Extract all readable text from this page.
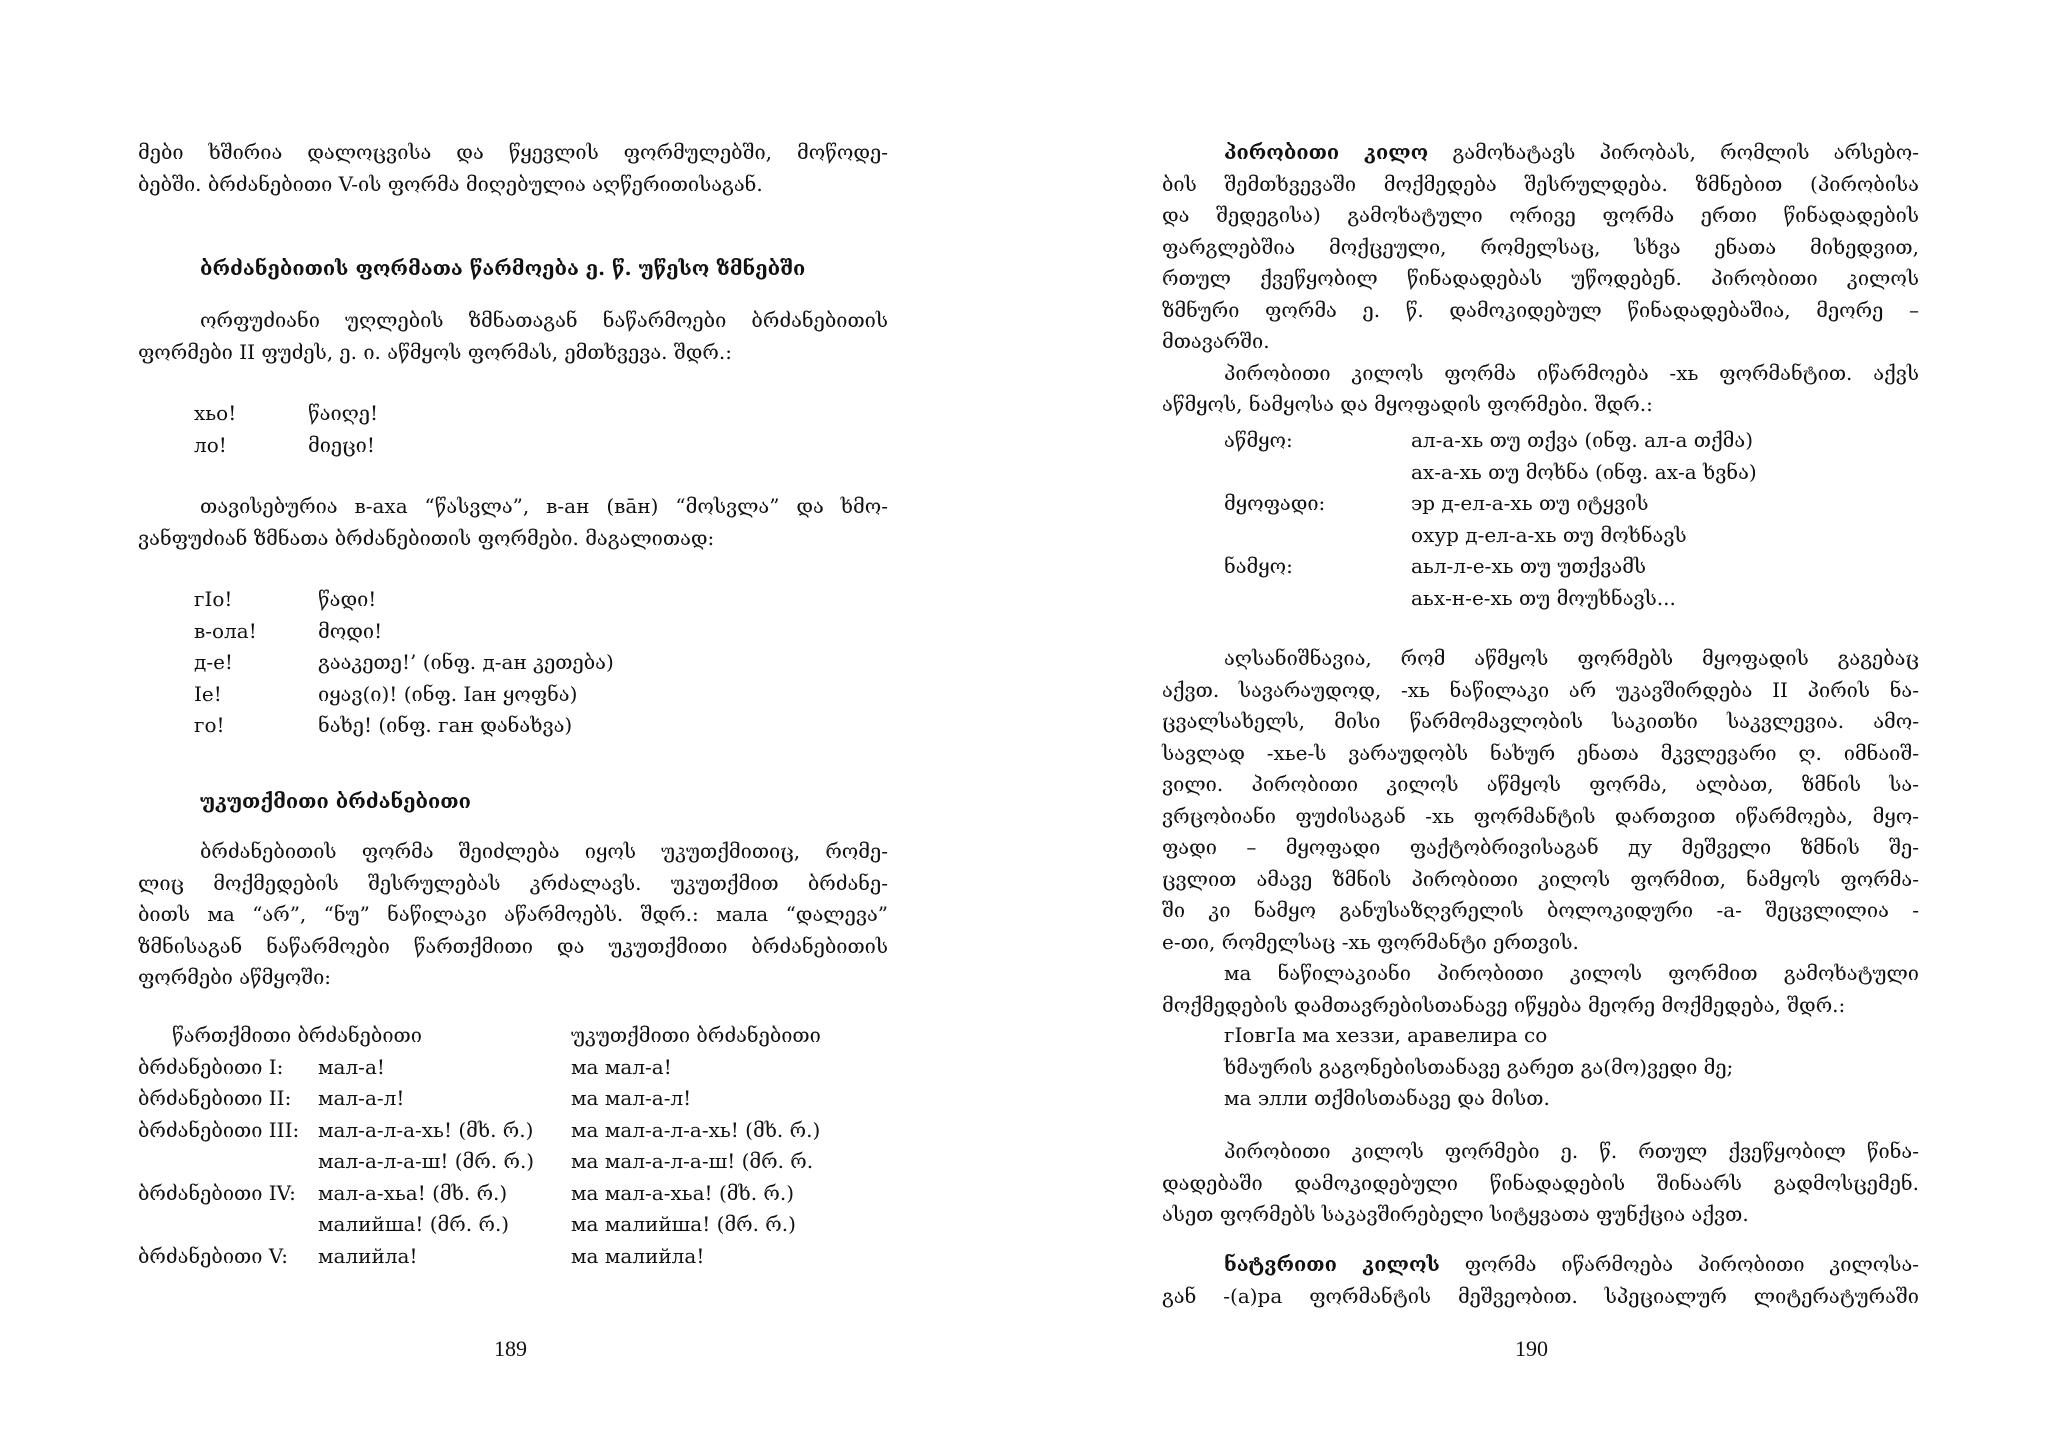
მები ხშირია დალოცვისა და წყევლის ფორმულებში, მოწოდე-

ბებში. ბრძანებითი V-ის ფორმა მიღებულია აღწერითისაგან.

ბრძანებითის ფორმათა წარმოება ე. წ. უწესო ზმნებში

ორფუძიანი უღლების ზმნათაგან ნაწარმოები ბრძანებითის

ფორმები II ფუძეს, ე. ი. აწმყოს ფორმას, ემთხვევა. შდრ.:

хьо!	წაიღე!
ло!	მიეცი!

თავისებურია в-аха “წასვლა”, в-ан (вāн) “მოსვლა” და ხმო-

ვანფუძიან ზმნათა ბრძანებითის ფორმები. მაგალითად:

гIо!	წადი!
в-ола!	მოდი!
д-е!	გააკეთე!’ (ინფ. д-ан კეთება)
Iе!	იყავ(ი)! (ინფ. Iан ყოფნა)
го!	ნახე! (ინფ. ган დანახვა)
უკუთქმითი ბრძანებითი

ბრძანებითის ფორმა შეიძლება იყოს უკუთქმითიც, რომე-

ლიც მოქმედების შესრულებას კრძალავს. უკუთქმით ბრძანე-

ბითს ма “არ”, “ნუ” ნაწილაკი აწარმოებს. შდრ.: мала “დალევა”

ზმნისაგან ნაწარმოები წართქმითი და უკუთქმითი ბრძანებითის

ფორმები აწმყოში:

წართქმითი ბრძანებითი	უკუთქმითი ბრძანებითი
ბრძანებითი I:	мал-а!	ма мал-а!
ბრძანებითი II:	мал-а-л!	ма мал-а-л!
ბრძანებითი III: мал-а-л-а-хь! (მხ. რ.)	ма мал-а-л-а-хь! (მხ. რ.)
мал-а-л-а-ш! (მრ. რ.)	ма мал-а-л-а-ш! (მრ. რ.
ბრძანებითი IV:	мал-а-хьа! (მხ. რ.)	ма мал-а-хьа! (მხ. რ.)
малийша! (მრ. რ.)	ма малийша! (მრ. რ.)
ბრძანებითი V:	малийла!	ма малийла!
189

პირობითი კილო გამოხატავს პირობას, რომლის არსებო-

ბის შემთხვევაში მოქმედება შესრულდება. ზმნებით (პირობისა

და შედეგისა) გამოხატული ორივე ფორმა ერთი წინადადების

ფარგლებშია მოქცეული, რომელსაც, სხვა ენათა მიხედვით,

რთულ ქვეწყობილ წინადადებას უწოდებენ. პირობითი კილოს

ზმნური ფორმა ე. წ. დამოკიდებულ წინადადებაშია, მეორე –

მთავარში.

პირობითი კილოს ფორმა იწარმოება -хь ფორმანტით. აქვს

აწმყოს, ნამყოსა და მყოფადის ფორმები. შდრ.:

აწმყო:	ал-а-хь თუ თქვა (ინფ. ал-а თქმა)
ах-а-хь თუ მოხნა (ინფ. ах-а ხვნა)
მყოფადი:	эр д-ел-а-хь თუ იტყვის
охур д-ел-а-хь თუ მოხნავს
ნამყო:	аьл-л-е-хь თუ უთქვამს
аьх-н-е-хь თუ მოუხნავს...

აღსანიშნავია, რომ აწმყოს ფორმებს მყოფადის გაგებაც

აქვთ. სავარაუდოდ, -хь ნაწილაკი არ უკავშირდება II პირის ნა-

ცვალსახელს, მისი წარმომავლობის საკითხი საკვლევია. ამო-

სავლად -хье-ს ვარაუდობს ნახურ ენათა მკვლევარი ღ. იმნაიშ-

ვილი. პირობითი კილოს აწმყოს ფორმა, ალბათ, ზმნის სა-

ვრცობიანი ფუძისაგან -хь ფორმანტის დართვით იწარმოება, მყო-

ფადი – მყოფადი ფაქტობრივისაგან ду მეშველი ზმნის შე-

ცვლით ამავე ზმნის პირობითი კილოს ფორმით, ნამყოს ფორმა-

ში კი ნამყო განუსაზღვრელის ბოლოკიდური -а- შეცვლილია -

е-თი, რომელსაც -хь ფორმანტი ერთვის.

ма ნაწილაკიანი პირობითი კილოს ფორმით გამოხატული

მოქმედების დამთავრებისთანავე იწყება მეორე მოქმედება, შდრ.:

гIовгIа ма хеззи, аравелира со

ხმაურის გაგონებისთანავე გარეთ გა(მო)ვედი მე;

ма элли თქმისთანავე და მისთ.

პირობითი კილოს ფორმები ე. წ. რთულ ქვეწყობილ წინა-

დადებაში დამოკიდებული წინადადების შინაარს გადმოსცემენ.

ასეთ ფორმებს საკავშირებელი სიტყვათა ფუნქცია აქვთ.

ნატვრითი კილოს ფორმა იწარმოება პირობითი კილოსა-

გან -(а)ра ფორმანტის მეშვეობით. სპეციალურ ლიტერატურაში

190
